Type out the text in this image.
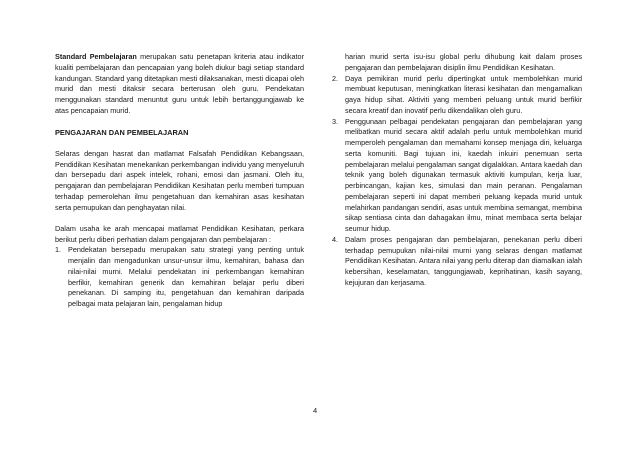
Standard Pembelajaran merupakan satu penetapan kriteria atau indikator kualiti pembelajaran dan pencapaian yang boleh diukur bagi setiap standard kandungan. Standard yang ditetapkan mesti dilaksanakan, mesti dicapai oleh murid dan mesti ditaksir secara berterusan oleh guru. Pendekatan menggunakan standard menuntut guru untuk lebih bertanggungjawab ke atas pencapaian murid.

PENGAJARAN DAN PEMBELAJARAN

Selaras dengan hasrat dan matlamat Falsafah Pendidikan Kebangsaan, Pendidikan Kesihatan menekankan perkembangan individu yang menyeluruh dan bersepadu dari aspek intelek, rohani, emosi dan jasmani. Oleh itu, pengajaran dan pembelajaran Pendidikan Kesihatan perlu memberi tumpuan terhadap pemerolehan ilmu pengetahuan dan kemahiran asas kesihatan serta pemupukan dan penghayatan nilai.

Dalam usaha ke arah mencapai matlamat Pendidikan Kesihatan, perkara berikut perlu diberi perhatian dalam pengajaran dan pembelajaran :

1. Pendekatan bersepadu merupakan satu strategi yang penting untuk menjalin dan mengadunkan unsur-unsur ilmu, kemahiran, bahasa dan nilai-nilai murni. Melalui pendekatan ini perkembangan kemahiran berfikir, kemahiran generik dan kemahiran belajar perlu diberi penekanan. Di samping itu, pengetahuan dan kemahiran daripada pelbagai mata pelajaran lain, pengalaman hidup

harian murid serta isu-isu global perlu dihubung kait dalam proses pengajaran dan pembelajaran disiplin ilmu Pendidikan Kesihatan.

2. Daya pemikiran murid perlu dipertingkat untuk membolehkan murid membuat keputusan, meningkatkan literasi kesihatan dan mengamalkan gaya hidup sihat. Aktiviti yang memberi peluang untuk murid berfikir secara kreatif dan inovatif perlu dikendalikan oleh guru.
3. Penggunaan pelbagai pendekatan pengajaran dan pembelajaran yang melibatkan murid secara aktif adalah perlu untuk membolehkan murid memperoleh pengalaman dan memahami konsep menjaga diri, keluarga serta komuniti. Bagi tujuan ini, kaedah inkuiri penemuan serta pembelajaran melalui pengalaman sangat digalakkan. Antara kaedah dan teknik yang boleh digunakan termasuk aktiviti kumpulan, kerja luar, perbincangan, kajian kes, simulasi dan main peranan. Pengalaman pembelajaran seperti ini dapat memberi peluang kepada murid untuk melahirkan pandangan sendiri, asas untuk membina semangat, membina sikap sentiasa cinta dan dahagakan ilmu, minat membaca serta belajar seumur hidup.
4. Dalam proses pengajaran dan pembelajaran, penekanan perlu diberi terhadap pemupukan nilai-nilai murni yang selaras dengan matlamat Pendidikan Kesihatan. Antara nilai yang perlu diterap dan diamalkan ialah kebersihan, keselamatan, tanggungjawab, keprihatinan, kasih sayang, kejujuran dan kerjasama.
4
